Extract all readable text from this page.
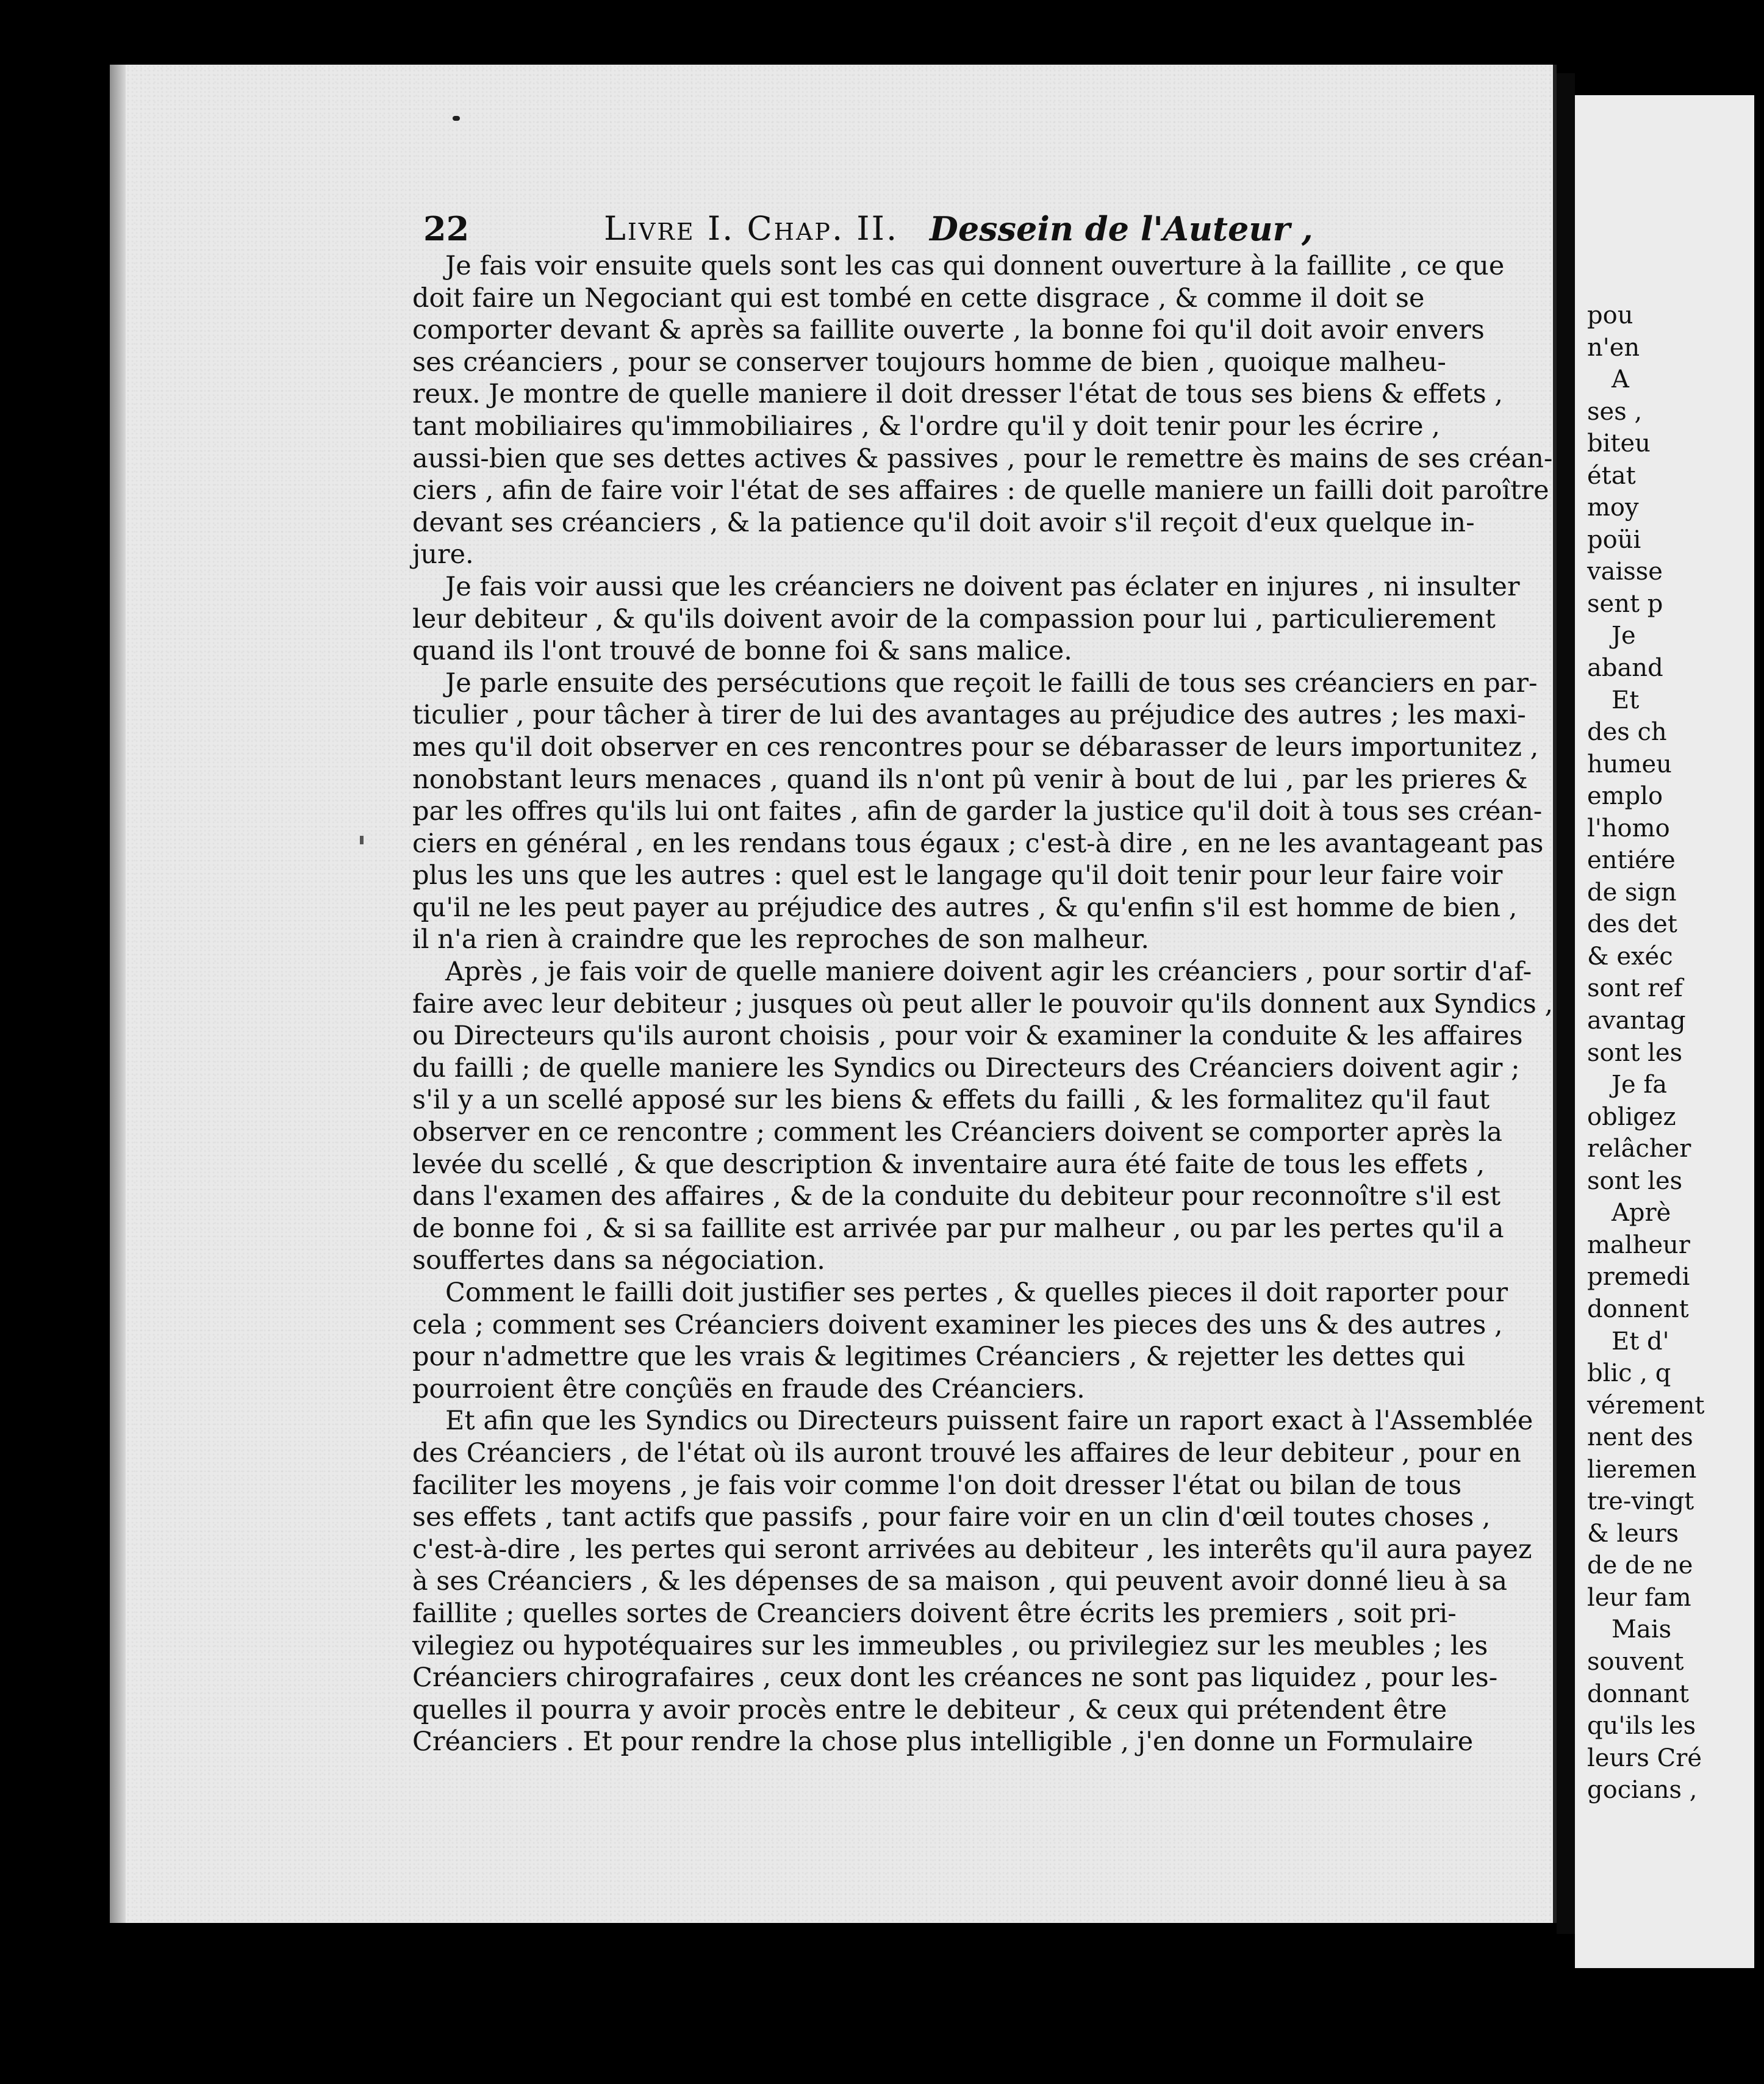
pou
n'en
A
ses ,
biteu
état
moy
poüi
vaisse
sent p
Je
aband
Et
des ch
humeu
emplo
l'homo
entiére
de sign
des det
& exéc
sont ref
avantag
sont les
Je fa
obligez
relâcher
sont les
Aprè
malheur
premedi
donnent
Et d'
blic , q
vérement
nent des
lieremen
tre-vingt
& leurs
de de ne
leur fam
Mais
souvent
donnant
qu'ils les
leurs Cré
gocians ,
22	Livre I. Chap. II. Dessein de l'Auteur ,
Je fais voir ensuite quels sont les cas qui donnent ouverture à la faillite , ce que
doit faire un Negociant qui est tombé en cette disgrace , & comme il doit se
comporter devant & après sa faillite ouverte , la bonne foi qu'il doit avoir envers
ses créanciers , pour se conserver toujours homme de bien , quoique malheu-
reux. Je montre de quelle maniere il doit dresser l'état de tous ses biens & effets ,
tant mobiliaires qu'immobiliaires , & l'ordre qu'il y doit tenir pour les écrire ,
aussi-bien que ses dettes actives & passives , pour le remettre ès mains de ses créan-
ciers , afin de faire voir l'état de ses affaires : de quelle maniere un failli doit paroître
devant ses créanciers , & la patience qu'il doit avoir s'il reçoit d'eux quelque in-
jure.
Je fais voir aussi que les créanciers ne doivent pas éclater en injures , ni insulter
leur debiteur , & qu'ils doivent avoir de la compassion pour lui , particulierement
quand ils l'ont trouvé de bonne foi & sans malice.
Je parle ensuite des persécutions que reçoit le failli de tous ses créanciers en par-
ticulier , pour tâcher à tirer de lui des avantages au préjudice des autres ; les maxi-
mes qu'il doit observer en ces rencontres pour se débarasser de leurs importunitez ,
nonobstant leurs menaces , quand ils n'ont pû venir à bout de lui , par les prieres &
par les offres qu'ils lui ont faites , afin de garder la justice qu'il doit à tous ses créan-
ciers en général , en les rendans tous égaux ; c'est-à dire , en ne les avantageant pas
plus les uns que les autres : quel est le langage qu'il doit tenir pour leur faire voir
qu'il ne les peut payer au préjudice des autres , & qu'enfin s'il est homme de bien ,
il n'a rien à craindre que les reproches de son malheur.
Après , je fais voir de quelle maniere doivent agir les créanciers , pour sortir d'af-
faire avec leur debiteur ; jusques où peut aller le pouvoir qu'ils donnent aux Syndics ,
ou Directeurs qu'ils auront choisis , pour voir & examiner la conduite & les affaires
du failli ; de quelle maniere les Syndics ou Directeurs des Créanciers doivent agir ;
s'il y a un scellé apposé sur les biens & effets du failli , & les formalitez qu'il faut
observer en ce rencontre ; comment les Créanciers doivent se comporter après la
levée du scellé , & que description & inventaire aura été faite de tous les effets ,
dans l'examen des affaires , & de la conduite du debiteur pour reconnoître s'il est
de bonne foi , & si sa faillite est arrivée par pur malheur , ou par les pertes qu'il a
souffertes dans sa négociation.
Comment le failli doit justifier ses pertes , & quelles pieces il doit raporter pour
cela ; comment ses Créanciers doivent examiner les pieces des uns & des autres ,
pour n'admettre que les vrais & legitimes Créanciers , & rejetter les dettes qui
pourroient être conçûës en fraude des Créanciers.
Et afin que les Syndics ou Directeurs puissent faire un raport exact à l'Assemblée
des Créanciers , de l'état où ils auront trouvé les affaires de leur debiteur , pour en
faciliter les moyens , je fais voir comme l'on doit dresser l'état ou bilan de tous
ses effets , tant actifs que passifs , pour faire voir en un clin d'œil toutes choses ,
c'est-à-dire , les pertes qui seront arrivées au debiteur , les interêts qu'il aura payez
à ses Créanciers , & les dépenses de sa maison , qui peuvent avoir donné lieu à sa
faillite ; quelles sortes de Creanciers doivent être écrits les premiers , soit pri-
vilegiez ou hypotéquaires sur les immeubles , ou privilegiez sur les meubles ; les
Créanciers chirografaires , ceux dont les créances ne sont pas liquidez , pour les-
quelles il pourra y avoir procès entre le debiteur , & ceux qui prétendent être
Créanciers . Et pour rendre la chose plus intelligible , j'en donne un Formulaire
